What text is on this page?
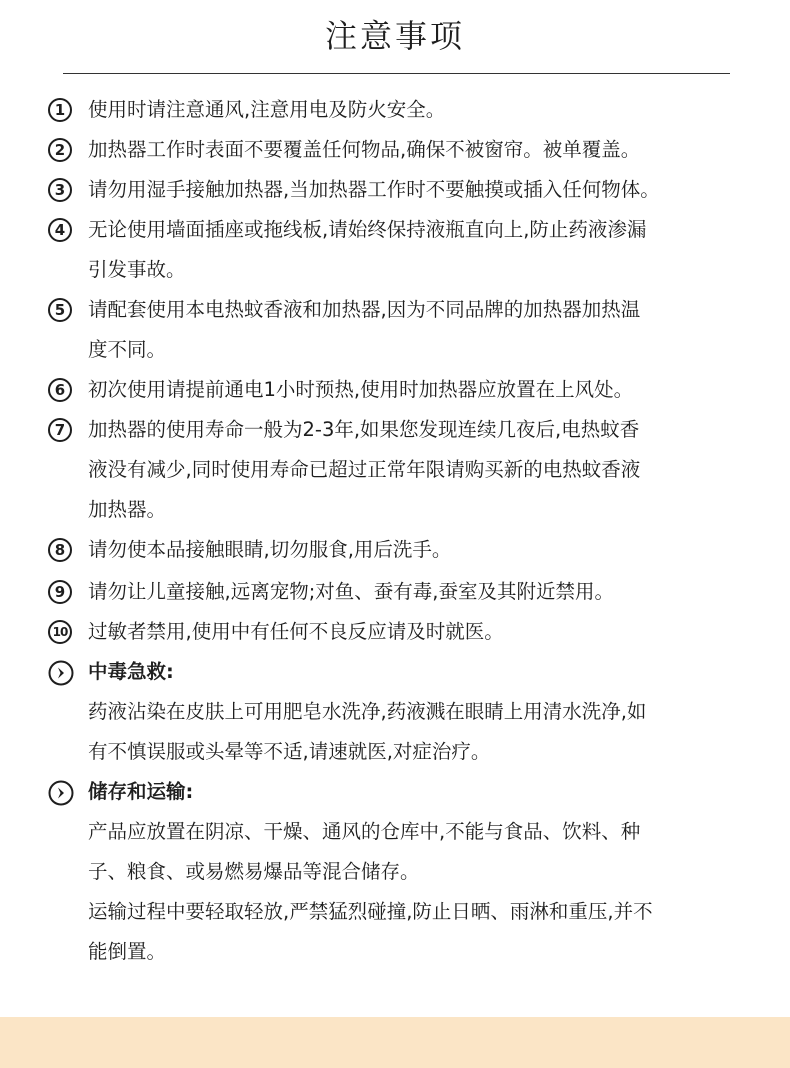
注意事项
1	使用时请注意通风,注意用电及防火安全。
2	加热器工作时表面不要覆盖任何物品,确保不被窗帘。被单覆盖。
3	请勿用湿手接触加热器,当加热器工作时不要触摸或插入任何物体。
4	无论使用墙面插座或拖线板,请始终保持液瓶直向上,防止药液渗漏
引发事故。
5	请配套使用本电热蚊香液和加热器,因为不同品牌的加热器加热温
度不同。
6	初次使用请提前通电1小时预热,使用时加热器应放置在上风处。
7	加热器的使用寿命一般为2-3年,如果您发现连续几夜后,电热蚊香
液没有减少,同时使用寿命已超过正常年限请购买新的电热蚊香液
加热器。
8	请勿使本品接触眼睛,切勿服食,用后洗手。
9	请勿让儿童接触,远离宠物;对鱼、蚕有毒,蚕室及其附近禁用。
10 过敏者禁用,使用中有任何不良反应请及时就医。
中毒急救:
药液沾染在皮肤上可用肥皂水洗净,药液溅在眼睛上用清水洗净,如
有不慎误服或头晕等不适,请速就医,对症治疗。
储存和运输:
产品应放置在阴凉、干燥、通风的仓库中,不能与食品、饮料、种
子、粮食、或易燃易爆品等混合储存。
运输过程中要轻取轻放,严禁猛烈碰撞,防止日晒、雨淋和重压,并不
能倒置。
